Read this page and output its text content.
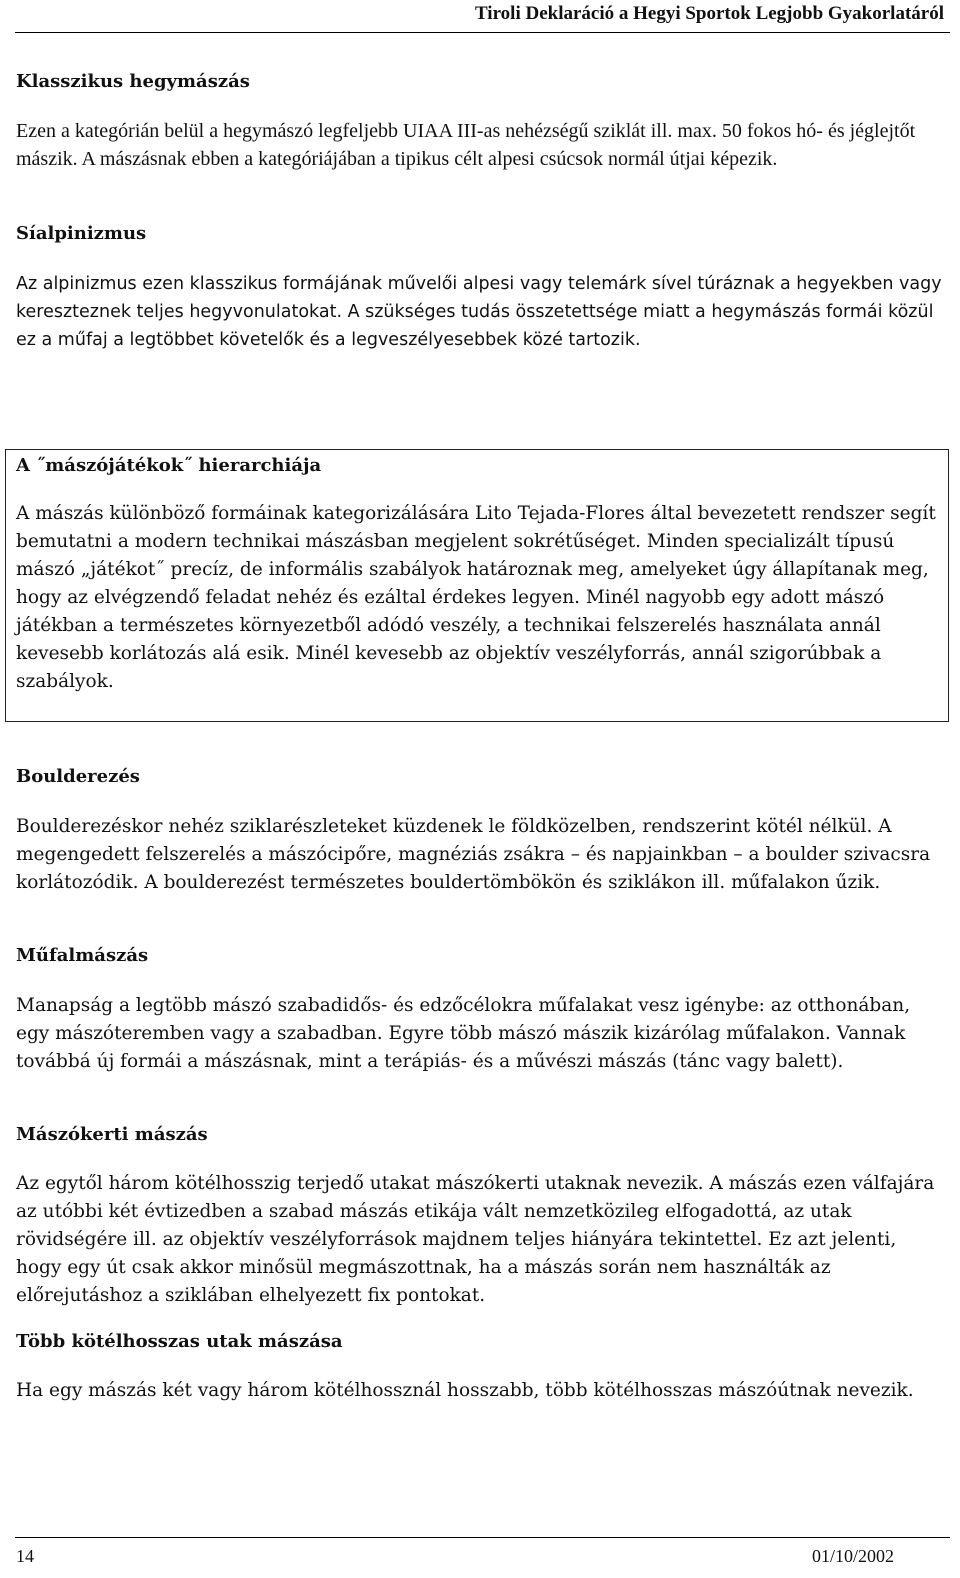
Tiroli Deklaráció a Hegyi Sportok Legjobb Gyakorlatáról
Klasszikus hegymászás

Ezen a kategórián belül a hegymászó legfeljebb UIAA III-as nehézségű sziklát ill. max. 50 fokos hó- és jéglejtőt mászik. A mászásnak ebben a kategóriájában a tipikus célt alpesi csúcsok normál útjai képezik.

Síalpinizmus

Az alpinizmus ezen klasszikus formájának művelői alpesi vagy telemárk sível túráznak a hegyekben vagy kereszteznek teljes hegyvonulatokat. A szükséges tudás összetettsége miatt a hegymászás formái közül ez a műfaj a legtöbbet követelők és a legveszélyesebbek közé tartozik.

A ˝mászójátékok˝ hierarchiája

A mászás különböző formáinak kategorizálására Lito Tejada-Flores által bevezetett rendszer segít bemutatni a modern technikai mászásban megjelent sokrétűséget. Minden specializált típusú mászó „játékot˝ precíz, de informális szabályok határoznak meg, amelyeket úgy állapítanak meg, hogy az elvégzendő feladat nehéz és ezáltal érdekes legyen. Minél nagyobb egy adott mászó játékban a természetes környezetből adódó veszély, a technikai felszerelés használata annál kevesebb korlátozás alá esik. Minél kevesebb az objektív veszélyforrás, annál szigorúbbak a szabályok.

Boulderezés

Boulderezéskor nehéz sziklarészleteket küzdenek le földközelben, rendszerint kötél nélkül. A megengedett felszerelés a mászócipőre, magnéziás zsákra – és napjainkban – a boulder szivacsra korlátozódik. A boulderezést természetes bouldertömbökön és sziklákon ill. műfalakon űzik.

Műfalmászás

Manapság a legtöbb mászó szabadidős- és edzőcélokra műfalakat vesz igénybe: az otthonában, egy mászóteremben vagy a szabadban. Egyre több mászó mászik kizárólag műfalakon. Vannak továbbá új formái a mászásnak, mint a terápiás- és a művészi mászás (tánc vagy balett).

Mászókerti mászás

Az egytől három kötélhosszig terjedő utakat mászókerti utaknak nevezik. A mászás ezen válfajára az utóbbi két évtizedben a szabad mászás etikája vált nemzetközileg elfogadottá, az utak rövidségére ill. az objektív veszélyforrások majdnem teljes hiányára tekintettel. Ez azt jelenti, hogy egy út csak akkor minősül megmászottnak, ha a mászás során nem használták az előrejutáshoz a sziklában elhelyezett fix pontokat.

Több kötélhosszas utak mászása

Ha egy mászás két vagy három kötélhossznál hosszabb, több kötélhosszas mászóútnak nevezik.

14	01/10/2002
